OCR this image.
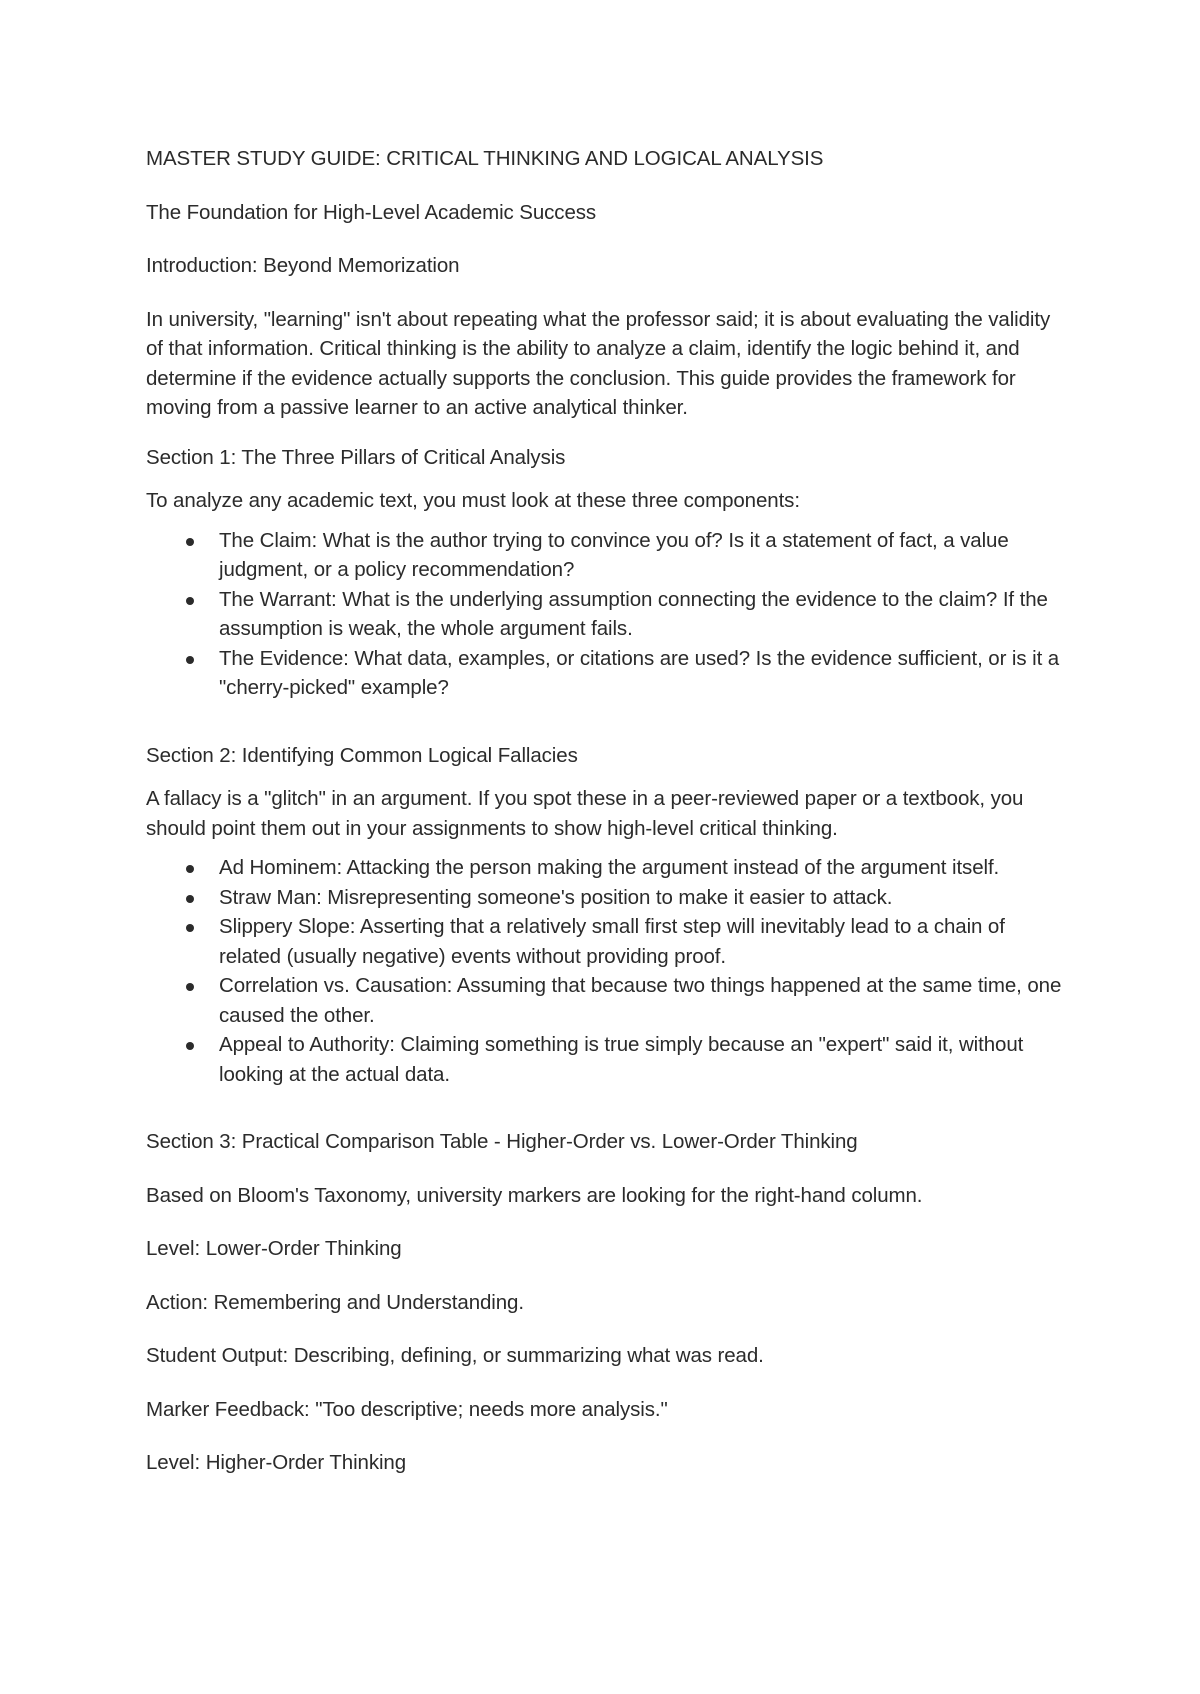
MASTER STUDY GUIDE: CRITICAL THINKING AND LOGICAL ANALYSIS

The Foundation for High-Level Academic Success

Introduction: Beyond Memorization

In university, "learning" isn't about repeating what the professor said; it is about evaluating the validity of that information. Critical thinking is the ability to analyze a claim, identify the logic behind it, and determine if the evidence actually supports the conclusion. This guide provides the framework for moving from a passive learner to an active analytical thinker.

Section 1: The Three Pillars of Critical Analysis

To analyze any academic text, you must look at these three components:

The Claim: What is the author trying to convince you of? Is it a statement of fact, a value judgment, or a policy recommendation?
The Warrant: What is the underlying assumption connecting the evidence to the claim? If the assumption is weak, the whole argument fails.
The Evidence: What data, examples, or citations are used? Is the evidence sufficient, or is it a "cherry-picked" example?

Section 2: Identifying Common Logical Fallacies

A fallacy is a "glitch" in an argument. If you spot these in a peer-reviewed paper or a textbook, you should point them out in your assignments to show high-level critical thinking.

Ad Hominem: Attacking the person making the argument instead of the argument itself.
Straw Man: Misrepresenting someone's position to make it easier to attack.
Slippery Slope: Asserting that a relatively small first step will inevitably lead to a chain of related (usually negative) events without providing proof.
Correlation vs. Causation: Assuming that because two things happened at the same time, one caused the other.
Appeal to Authority: Claiming something is true simply because an "expert" said it, without looking at the actual data.

Section 3: Practical Comparison Table - Higher-Order vs. Lower-Order Thinking

Based on Bloom's Taxonomy, university markers are looking for the right-hand column.

Level: Lower-Order Thinking

Action: Remembering and Understanding.

Student Output: Describing, defining, or summarizing what was read.

Marker Feedback: "Too descriptive; needs more analysis."

Level: Higher-Order Thinking
